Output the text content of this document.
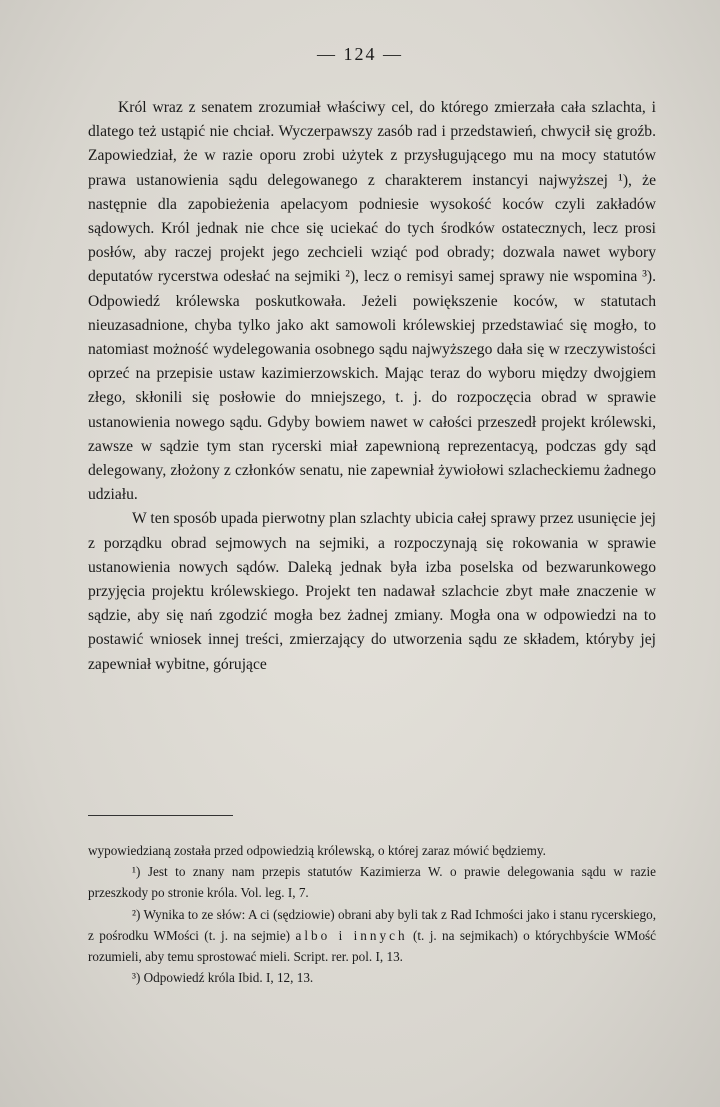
— 124 —

Król wraz z senatem zrozumiał właściwy cel, do którego zmierzała cała szlachta, i dlatego też ustąpić nie chciał. Wyczerpawszy zasób rad i przedstawień, chwycił się groźb. Zapowiedział, że w razie oporu zrobi użytek z przysługującego mu na mocy statutów prawa ustanowienia sądu delegowanego z charakterem instancyi najwyższej ¹), że następnie dla zapobieżenia apelacyom podniesie wysokość koców czyli zakładów sądowych. Król jednak nie chce się uciekać do tych środków ostatecznych, lecz prosi posłów, aby raczej projekt jego zechcieli wziąć pod obrady; dozwala nawet wybory deputatów rycerstwa odesłać na sejmiki ²), lecz o remisyi samej sprawy nie wspomina ³). Odpowiedź królewska poskutkowała. Jeżeli powiększenie koców, w statutach nieuzasadnione, chyba tylko jako akt samowoli królewskiej przedstawiać się mogło, to natomiast możność wydelegowania osobnego sądu najwyższego dała się w rzeczywistości oprzeć na przepisie ustaw kazimierzowskich. Mając teraz do wyboru między dwojgiem złego, skłonili się posłowie do mniejszego, t. j. do rozpoczęcia obrad w sprawie ustanowienia nowego sądu. Gdyby bowiem nawet w całości przeszedł projekt królewski, zawsze w sądzie tym stan rycerski miał zapewnioną reprezentacyą, podczas gdy sąd delegowany, złożony z członków senatu, nie zapewniał żywiołowi szlacheckiemu żadnego udziału.

W ten sposób upada pierwotny plan szlachty ubicia całej sprawy przez usunięcie jej z porządku obrad sejmowych na sejmiki, a rozpoczynają się rokowania w sprawie ustanowienia nowych sądów. Daleką jednak była izba poselska od bezwarunkowego przyjęcia projektu królewskiego. Projekt ten nadawał szlachcie zbyt małe znaczenie w sądzie, aby się nań zgodzić mogła bez żadnej zmiany. Mogła ona w odpowiedzi na to postawić wniosek innej treści, zmierzający do utworzenia sądu ze składem, któryby jej zapewniał wybitne, górujące

wypowiedzianą została przed odpowiedzią królewską, o której zaraz mówić będziemy.

¹) Jest to znany nam przepis statutów Kazimierza W. o prawie delegowania sądu w razie przeszkody po stronie króla. Vol. leg. I, 7.

²) Wynika to ze słów: A ci (sędziowie) obrani aby byli tak z Rad Ichmości jako i stanu rycerskiego, z pośrodku WMości (t. j. na sejmie) albo i innych (t. j. na sejmikach) o którychbyście WMość rozumieli, aby temu sprostować mieli. Script. rer. pol. I, 13.

³) Odpowiedź króla Ibid. I, 12, 13.
